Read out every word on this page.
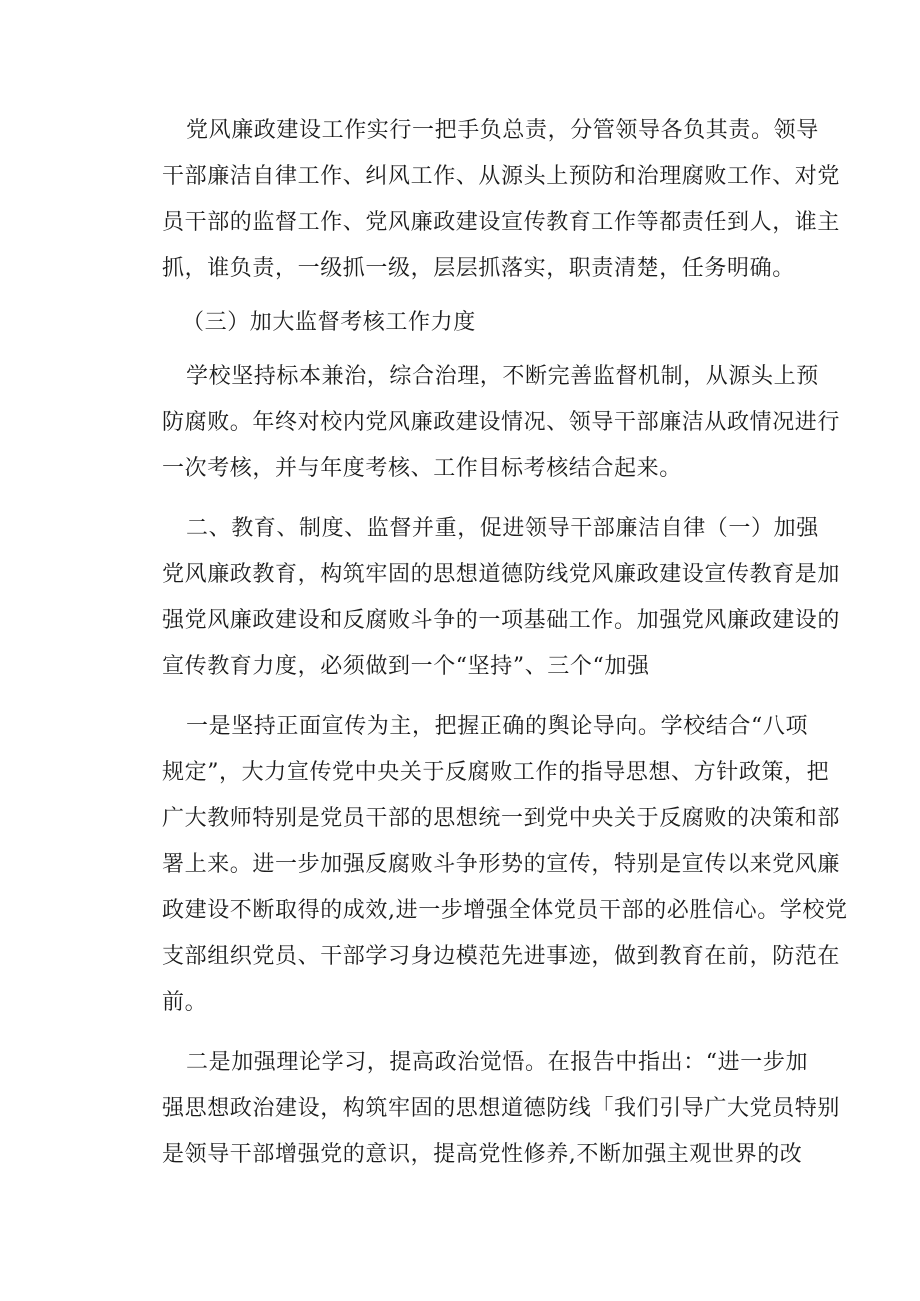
党风廉政建设工作实行一把手负总责，分管领导各负其责。领导
干部廉洁自律工作、纠风工作、从源头上预防和治理腐败工作、对党
员干部的监督工作、党风廉政建设宣传教育工作等都责任到人，谁主
抓，谁负责，一级抓一级，层层抓落实，职责清楚，任务明确。
（三）加大监督考核工作力度
学校坚持标本兼治，综合治理，不断完善监督机制，从源头上预
防腐败。年终对校内党风廉政建设情况、领导干部廉洁从政情况进行
一次考核，并与年度考核、工作目标考核结合起来。
二、教育、制度、监督并重，促进领导干部廉洁自律（一）加强
党风廉政教育，构筑牢固的思想道德防线党风廉政建设宣传教育是加
强党风廉政建设和反腐败斗争的一项基础工作。加强党风廉政建设的
宣传教育力度，必须做到一个“坚持”、三个“加强
一是坚持正面宣传为主，把握正确的舆论导向。学校结合“八项
规定”，大力宣传党中央关于反腐败工作的指导思想、方针政策，把
广大教师特别是党员干部的思想统一到党中央关于反腐败的决策和部
署上来。进一步加强反腐败斗争形势的宣传，特别是宣传以来党风廉
政建设不断取得的成效,进一步增强全体党员干部的必胜信心。学校党
支部组织党员、干部学习身边模范先进事迹，做到教育在前，防范在
前。
二是加强理论学习，提高政治觉悟。在报告中指出：“进一步加
强思想政治建设，构筑牢固的思想道德防线「我们引导广大党员特别
是领导干部增强党的意识，提高党性修养,不断加强主观世界的改
